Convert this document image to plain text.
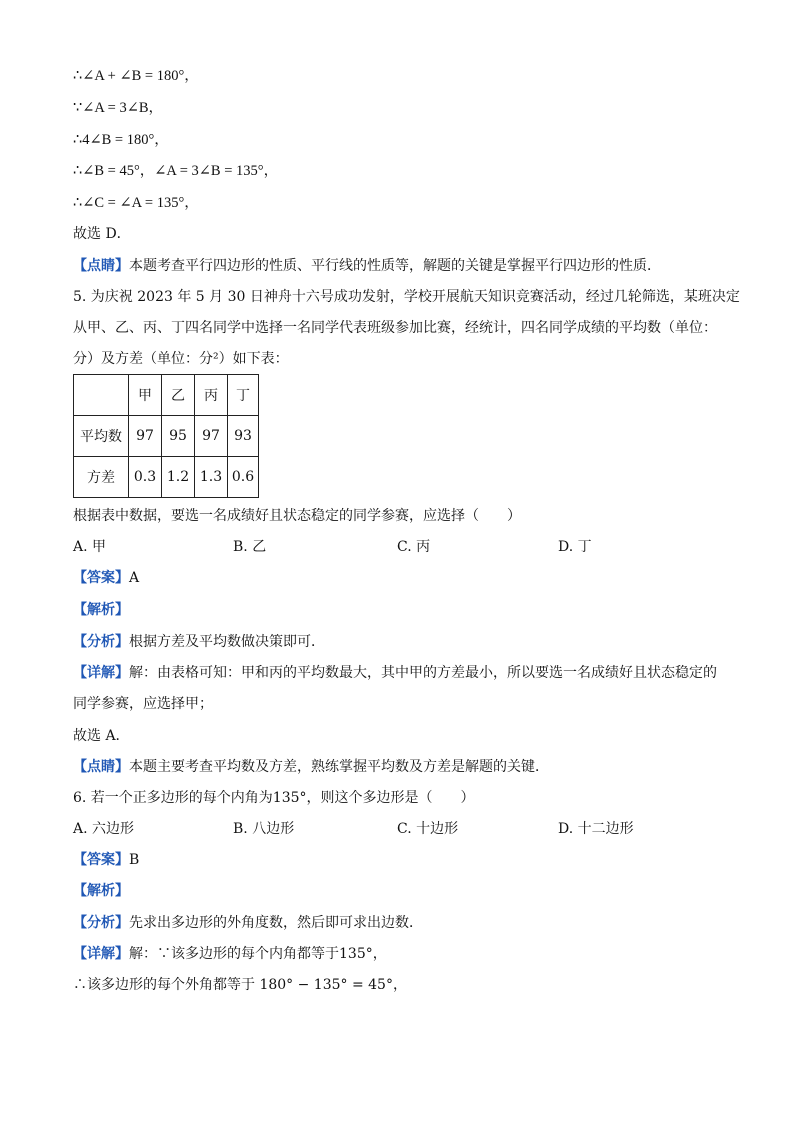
∴∠A + ∠B = 180°，
∵∠A = 3∠B，
∴4∠B = 180°，
∴∠B = 45°，∠A = 3∠B = 135°，
∴∠C = ∠A = 135°，
故选 D．
【点睛】本题考查平行四边形的性质、平行线的性质等，解题的关键是掌握平行四边形的性质．
5. 为庆祝 2023 年 5 月 30 日神舟十六号成功发射，学校开展航天知识竞赛活动，经过几轮筛选，某班决定
从甲、乙、丙、丁四名同学中选择一名同学代表班级参加比赛，经统计，四名同学成绩的平均数（单位：
分）及方差（单位：分²）如下表：
	甲	乙	丙	丁
平均数	97	95	97	93
方差	0.3	1.2	1.3	0.6
根据表中数据，要选一名成绩好且状态稳定的同学参赛，应选择（　　）
A. 甲	B. 乙	C. 丙	D. 丁
【答案】A
【解析】
【分析】根据方差及平均数做决策即可．
【详解】解：由表格可知：甲和丙的平均数最大，其中甲的方差最小，所以要选一名成绩好且状态稳定的
同学参赛，应选择甲；
故选 A．
【点睛】本题主要考查平均数及方差，熟练掌握平均数及方差是解题的关键．
6. 若一个正多边形的每个内角为135°，则这个多边形是（　　）
A. 六边形	B. 八边形	C. 十边形	D. 十二边形
【答案】B
【解析】
【分析】先求出多边形的外角度数，然后即可求出边数．
【详解】解：∵该多边形的每个内角都等于135°，
∴该多边形的每个外角都等于 180° − 135° = 45°，
